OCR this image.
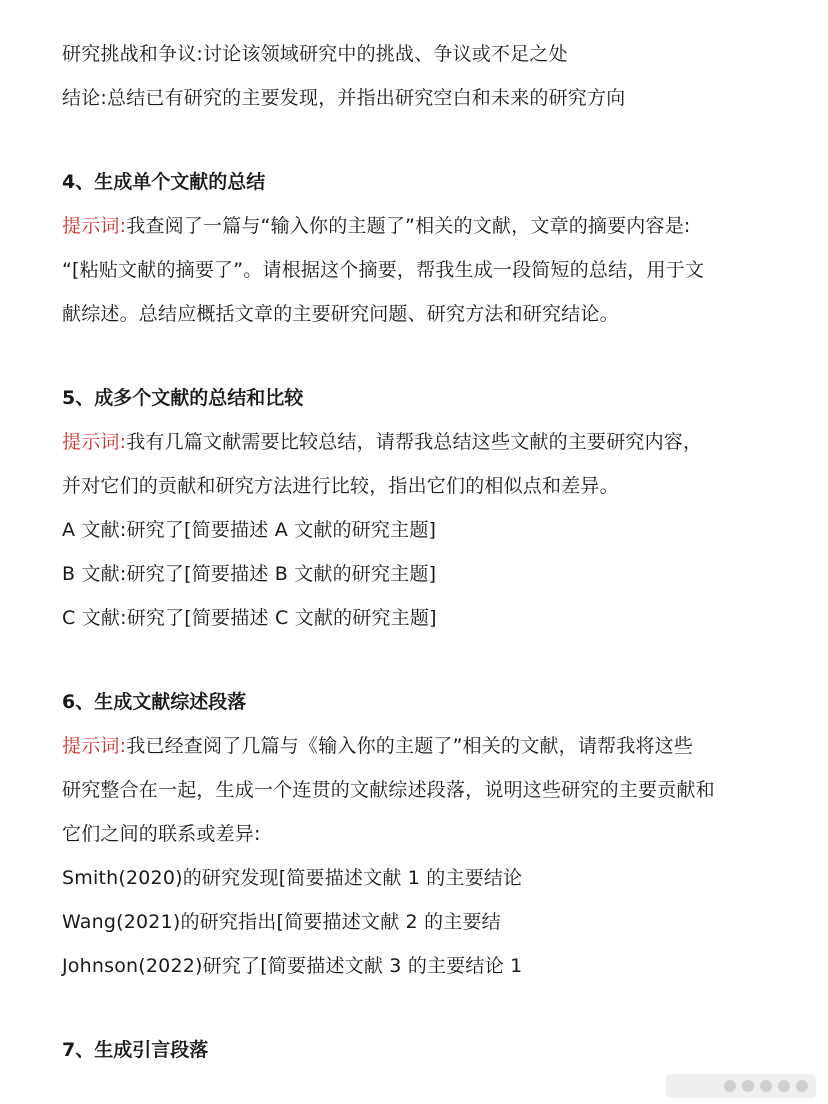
研究挑战和争议:讨论该领域研究中的挑战、争议或不足之处
结论:总结已有研究的主要发现，并指出研究空白和未来的研究方向
4、生成单个文献的总结
提示词:我查阅了一篇与“输入你的主题了”相关的文献，文章的摘要内容是:
“[粘贴文献的摘要了”。请根据这个摘要，帮我生成一段简短的总结，用于文
献综述。总结应概括文章的主要研究问题、研究方法和研究结论。
5、成多个文献的总结和比较
提示词:我有几篇文献需要比较总结，请帮我总结这些文献的主要研究内容，
并对它们的贡献和研究方法进行比较，指出它们的相似点和差异。
A 文献:研究了[简要描述 A 文献的研究主题]
B 文献:研究了[简要描述 B 文献的研究主题]
C 文献:研究了[简要描述 C 文献的研究主题]
6、生成文献综述段落
提示词:我已经查阅了几篇与《输入你的主题了”相关的文献，请帮我将这些
研究整合在一起，生成一个连贯的文献综述段落，说明这些研究的主要贡献和
它们之间的联系或差异:
Smith(2020)的研究发现[简要描述文献 1 的主要结论
Wang(2021)的研究指出[简要描述文献 2 的主要结
Johnson(2022)研究了[简要描述文献 3 的主要结论 1
7、生成引言段落
